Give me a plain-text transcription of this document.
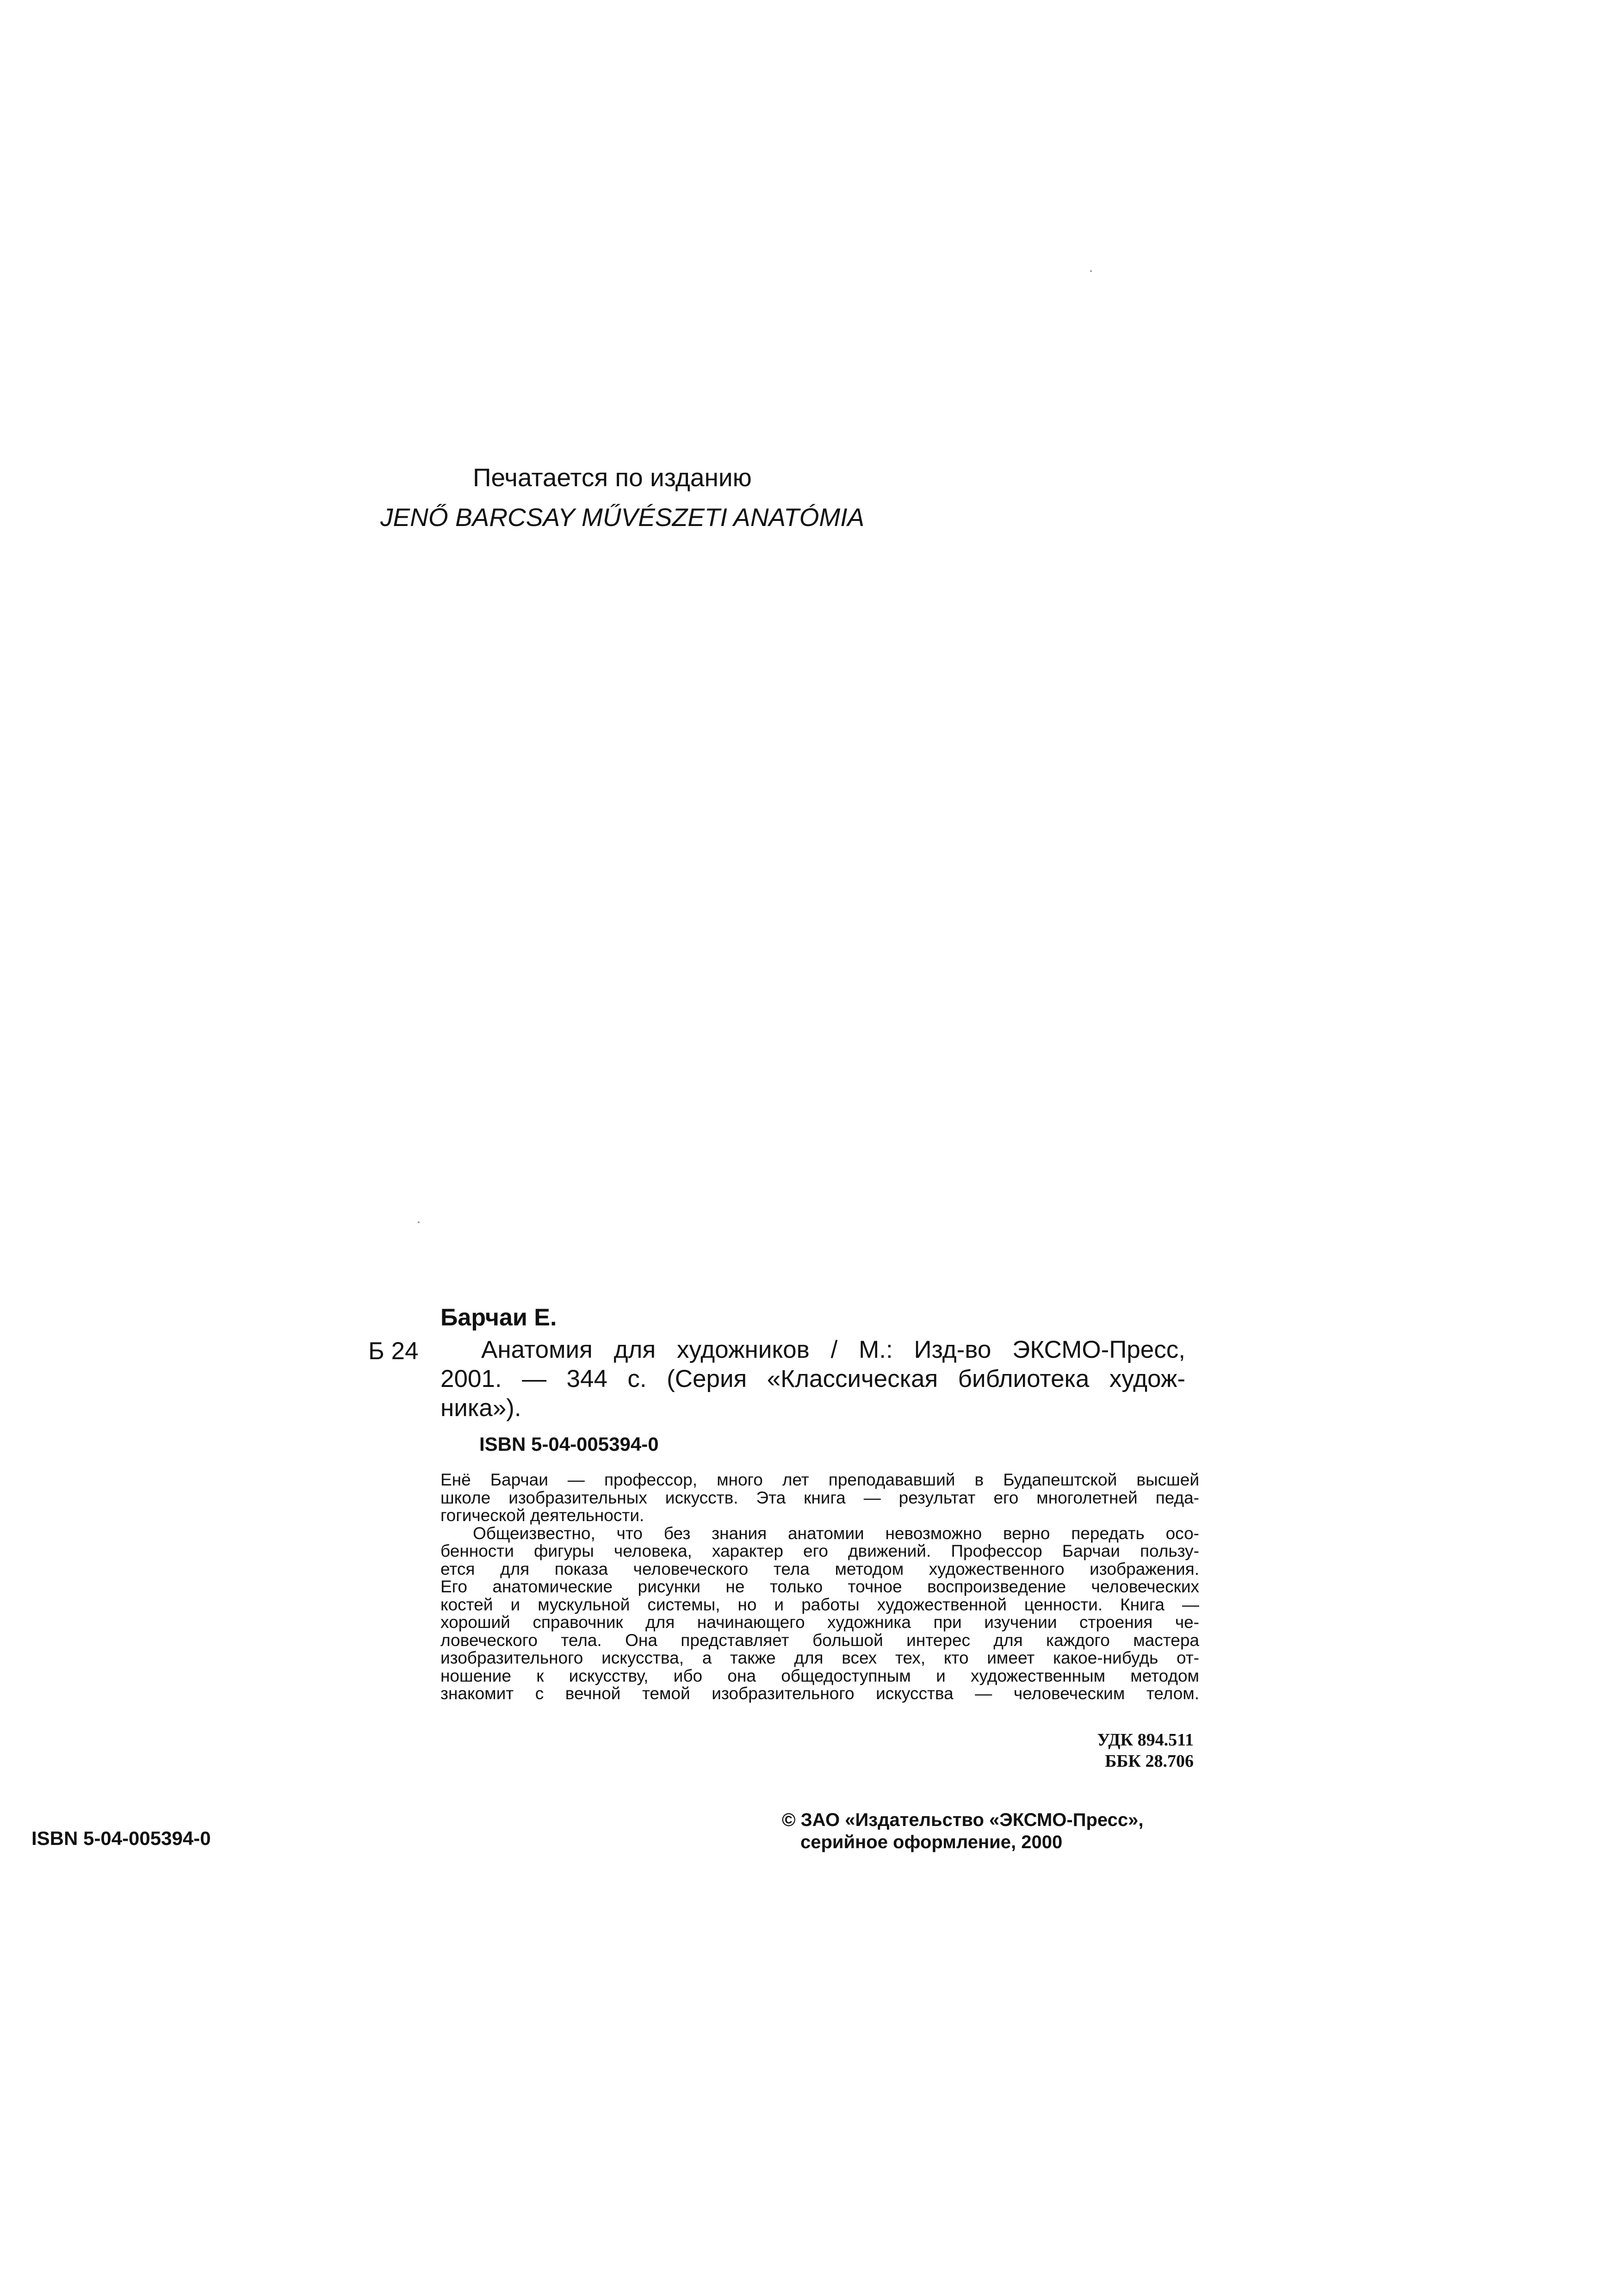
Печатается по изданию
JENŐ BARCSAY MŰVÉSZETI ANATÓMIA
Барчаи Е.
Б 24	Анатомия для художников / М.: Изд-во ЭКСМО-Пресс,

2001. — 344 с. (Серия «Классическая библиотека худож-

ника»).

ISBN 5-04-005394-0
Енё Барчаи — профессор, много лет преподававший в Будапештской высшей
школе изобразительных искусств. Эта книга — результат его многолетней педа-
гогической деятельности.
Общеизвестно, что без знания анатомии невозможно верно передать осо-
бенности фигуры человека, характер его движений. Профессор Барчаи пользу-
ется для показа человеческого тела методом художественного изображения.
Его анатомические рисунки не только точное воспроизведение человеческих
костей и мускульной системы, но и работы художественной ценности. Книга —
хороший справочник для начинающего художника при изучении строения че-
ловеческого тела. Она представляет большой интерес для каждого мастера
изобразительного искусства, а также для всех тех, кто имеет какое-нибудь от-
ношение к искусству, ибо она общедоступным и художественным методом
знакомит с вечной темой изобразительного искусства — человеческим телом.
УДК 894.511
ББК 28.706
© ЗАО «Издательство «ЭКСМО-Пресс»,
серийное оформление, 2000
ISBN 5-04-005394-0
